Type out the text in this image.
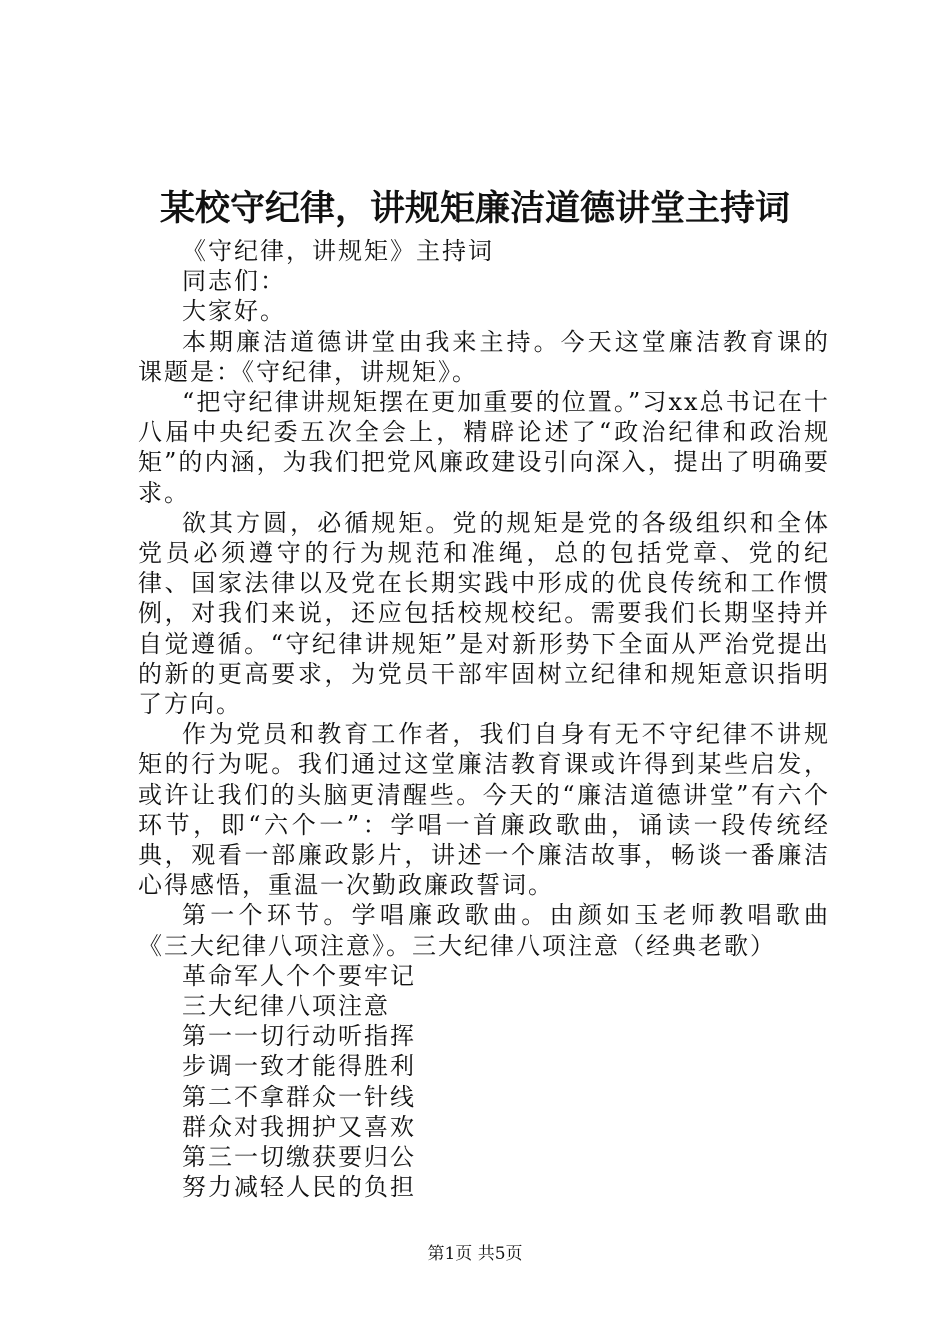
某校守纪律，讲规矩廉洁道德讲堂主持词

《守纪律，讲规矩》主持词

同志们：

大家好。

本期廉洁道德讲堂由我来主持。今天这堂廉洁教育课的课题是：《守纪律，讲规矩》。

“把守纪律讲规矩摆在更加重要的位置。”习xx总书记在十八届中央纪委五次全会上，精辟论述了“政治纪律和政治规矩”的内涵，为我们把党风廉政建设引向深入，提出了明确要求。

欲其方圆，必循规矩。党的规矩是党的各级组织和全体党员必须遵守的行为规范和准绳，总的包括党章、党的纪律、国家法律以及党在长期实践中形成的优良传统和工作惯例，对我们来说，还应包括校规校纪。需要我们长期坚持并自觉遵循。“守纪律讲规矩”是对新形势下全面从严治党提出的新的更高要求，为党员干部牢固树立纪律和规矩意识指明了方向。

作为党员和教育工作者，我们自身有无不守纪律不讲规矩的行为呢。我们通过这堂廉洁教育课或许得到某些启发，或许让我们的头脑更清醒些。今天的“廉洁道德讲堂”有六个环节，即“六个一”：学唱一首廉政歌曲，诵读一段传统经典，观看一部廉政影片，讲述一个廉洁故事，畅谈一番廉洁心得感悟，重温一次勤政廉政誓词。

第一个环节。学唱廉政歌曲。由颜如玉老师教唱歌曲《三大纪律八项注意》。三大纪律八项注意（经典老歌）

革命军人个个要牢记

三大纪律八项注意

第一一切行动听指挥

步调一致才能得胜利

第二不拿群众一针线

群众对我拥护又喜欢

第三一切缴获要归公

努力减轻人民的负担

第1页 共5页
